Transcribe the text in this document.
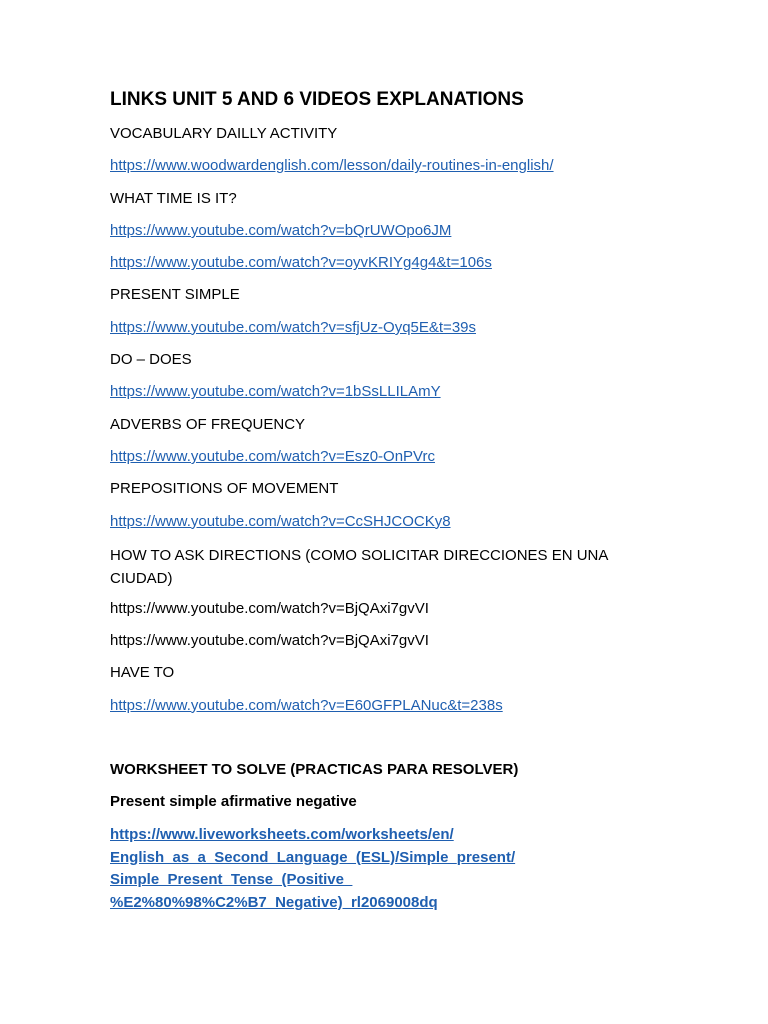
LINKS UNIT 5 AND 6 VIDEOS EXPLANATIONS
VOCABULARY DAILLY ACTIVITY
https://www.woodwardenglish.com/lesson/daily-routines-in-english/
WHAT TIME IS IT?
https://www.youtube.com/watch?v=bQrUWOpo6JM
https://www.youtube.com/watch?v=oyvKRIYg4g4&t=106s
PRESENT SIMPLE
https://www.youtube.com/watch?v=sfjUz-Oyq5E&t=39s
DO – DOES
https://www.youtube.com/watch?v=1bSsLLILAmY
ADVERBS OF FREQUENCY
https://www.youtube.com/watch?v=Esz0-OnPVrc
PREPOSITIONS OF MOVEMENT
https://www.youtube.com/watch?v=CcSHJCOCKy8
HOW TO ASK DIRECTIONS (COMO SOLICITAR DIRECCIONES EN UNA CIUDAD)
https://www.youtube.com/watch?v=BjQAxi7gvVI
https://www.youtube.com/watch?v=BjQAxi7gvVI
HAVE TO
https://www.youtube.com/watch?v=E60GFPLANuc&t=238s
WORKSHEET TO SOLVE (PRACTICAS PARA RESOLVER)
Present simple afirmative negative
https://www.liveworksheets.com/worksheets/en/
English_as_a_Second_Language_(ESL)/Simple_present/
Simple_Present_Tense_(Positive_
%E2%80%98%C2%B7_Negative)_rl2069008dq
